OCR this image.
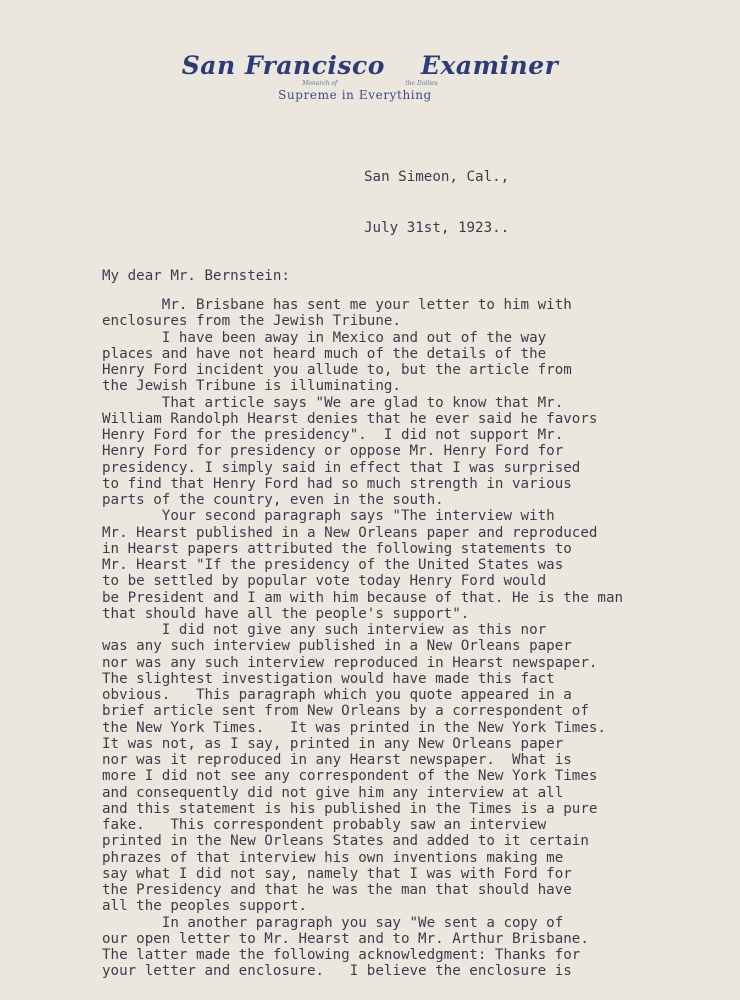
San Francisco Examiner
Monarch of	the Dailies
Supreme in Everything

San Simeon, Cal.,

July 31st, 1923..

My dear Mr. Bernstein:
Mr. Brisbane has sent me your letter to him with
enclosures from the Jewish Tribune.
I have been away in Mexico and out of the way
places and have not heard much of the details of the
Henry Ford incident you allude to, but the article from
the Jewish Tribune is illuminating.
That article says "We are glad to know that Mr.
William Randolph Hearst denies that he ever said he favors
Henry Ford for the presidency".  I did not support Mr.
Henry Ford for presidency or oppose Mr. Henry Ford for
presidency. I simply said in effect that I was surprised
to find that Henry Ford had so much strength in various
parts of the country, even in the south.
Your second paragraph says "The interview with
Mr. Hearst published in a New Orleans paper and reproduced
in Hearst papers attributed the following statements to
Mr. Hearst "If the presidency of the United States was
to be settled by popular vote today Henry Ford would
be President and I am with him because of that. He is the man
that should have all the people's support".
I did not give any such interview as this nor
was any such interview published in a New Orleans paper
nor was any such interview reproduced in Hearst newspaper.
The slightest investigation would have made this fact
obvious.   This paragraph which you quote appeared in a
brief article sent from New Orleans by a correspondent of
the New York Times.   It was printed in the New York Times.
It was not, as I say, printed in any New Orleans paper
nor was it reproduced in any Hearst newspaper.  What is
more I did not see any correspondent of the New York Times
and consequently did not give him any interview at all
and this statement is his published in the Times is a pure
fake.   This correspondent probably saw an interview
printed in the New Orleans States and added to it certain
phrazes of that interview his own inventions making me
say what I did not say, namely that I was with Ford for
the Presidency and that he was the man that should have
all the peoples support.
In another paragraph you say "We sent a copy of
our open letter to Mr. Hearst and to Mr. Arthur Brisbane.
The latter made the following acknowledgment: Thanks for
your letter and enclosure.   I believe the enclosure is
